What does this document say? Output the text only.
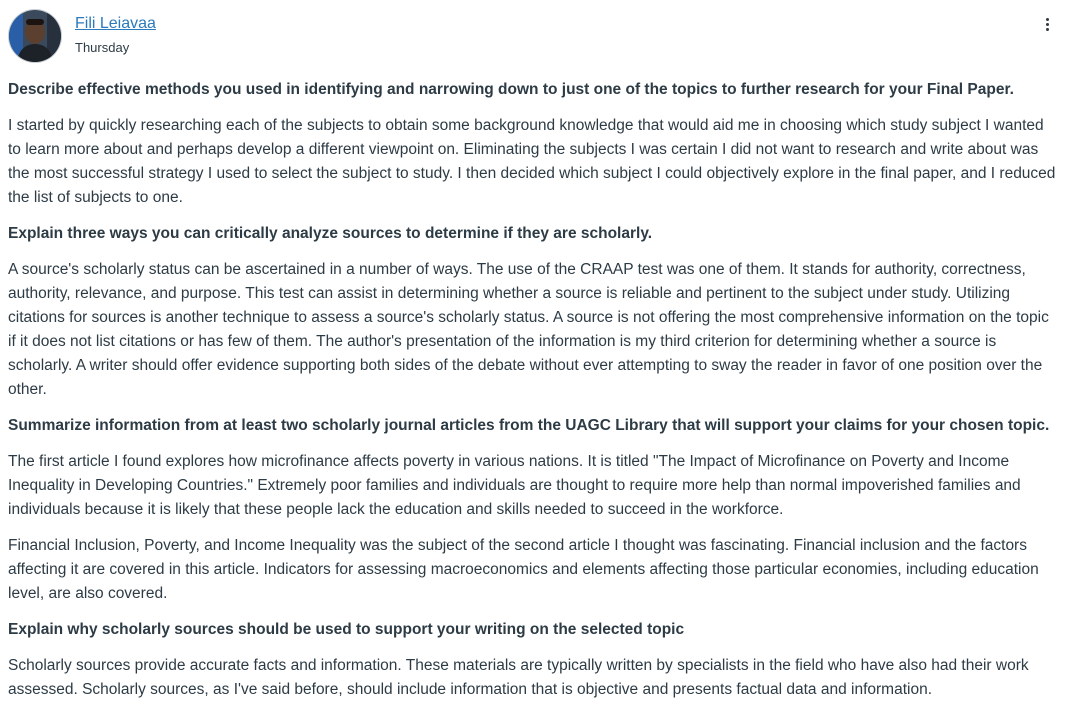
Fili Leiavaa
Thursday

Describe effective methods you used in identifying and narrowing down to just one of the topics to further research for your Final Paper.

I started by quickly researching each of the subjects to obtain some background knowledge that would aid me in choosing which study subject I wanted to learn more about and perhaps develop a different viewpoint on. Eliminating the subjects I was certain I did not want to research and write about was the most successful strategy I used to select the subject to study. I then decided which subject I could objectively explore in the final paper, and I reduced the list of subjects to one.

Explain three ways you can critically analyze sources to determine if they are scholarly.

A source's scholarly status can be ascertained in a number of ways. The use of the CRAAP test was one of them. It stands for authority, correctness, authority, relevance, and purpose. This test can assist in determining whether a source is reliable and pertinent to the subject under study. Utilizing citations for sources is another technique to assess a source's scholarly status. A source is not offering the most comprehensive information on the topic if it does not list citations or has few of them. The author's presentation of the information is my third criterion for determining whether a source is scholarly. A writer should offer evidence supporting both sides of the debate without ever attempting to sway the reader in favor of one position over the other.

Summarize information from at least two scholarly journal articles from the UAGC Library that will support your claims for your chosen topic.

The first article I found explores how microfinance affects poverty in various nations. It is titled "The Impact of Microfinance on Poverty and Income Inequality in Developing Countries." Extremely poor families and individuals are thought to require more help than normal impoverished families and individuals because it is likely that these people lack the education and skills needed to succeed in the workforce.

Financial Inclusion, Poverty, and Income Inequality was the subject of the second article I thought was fascinating. Financial inclusion and the factors affecting it are covered in this article. Indicators for assessing macroeconomics and elements affecting those particular economies, including education level, are also covered.

Explain why scholarly sources should be used to support your writing on the selected topic

Scholarly sources provide accurate facts and information. These materials are typically written by specialists in the field who have also had their work assessed. Scholarly sources, as I've said before, should include information that is objective and presents factual data and information.
